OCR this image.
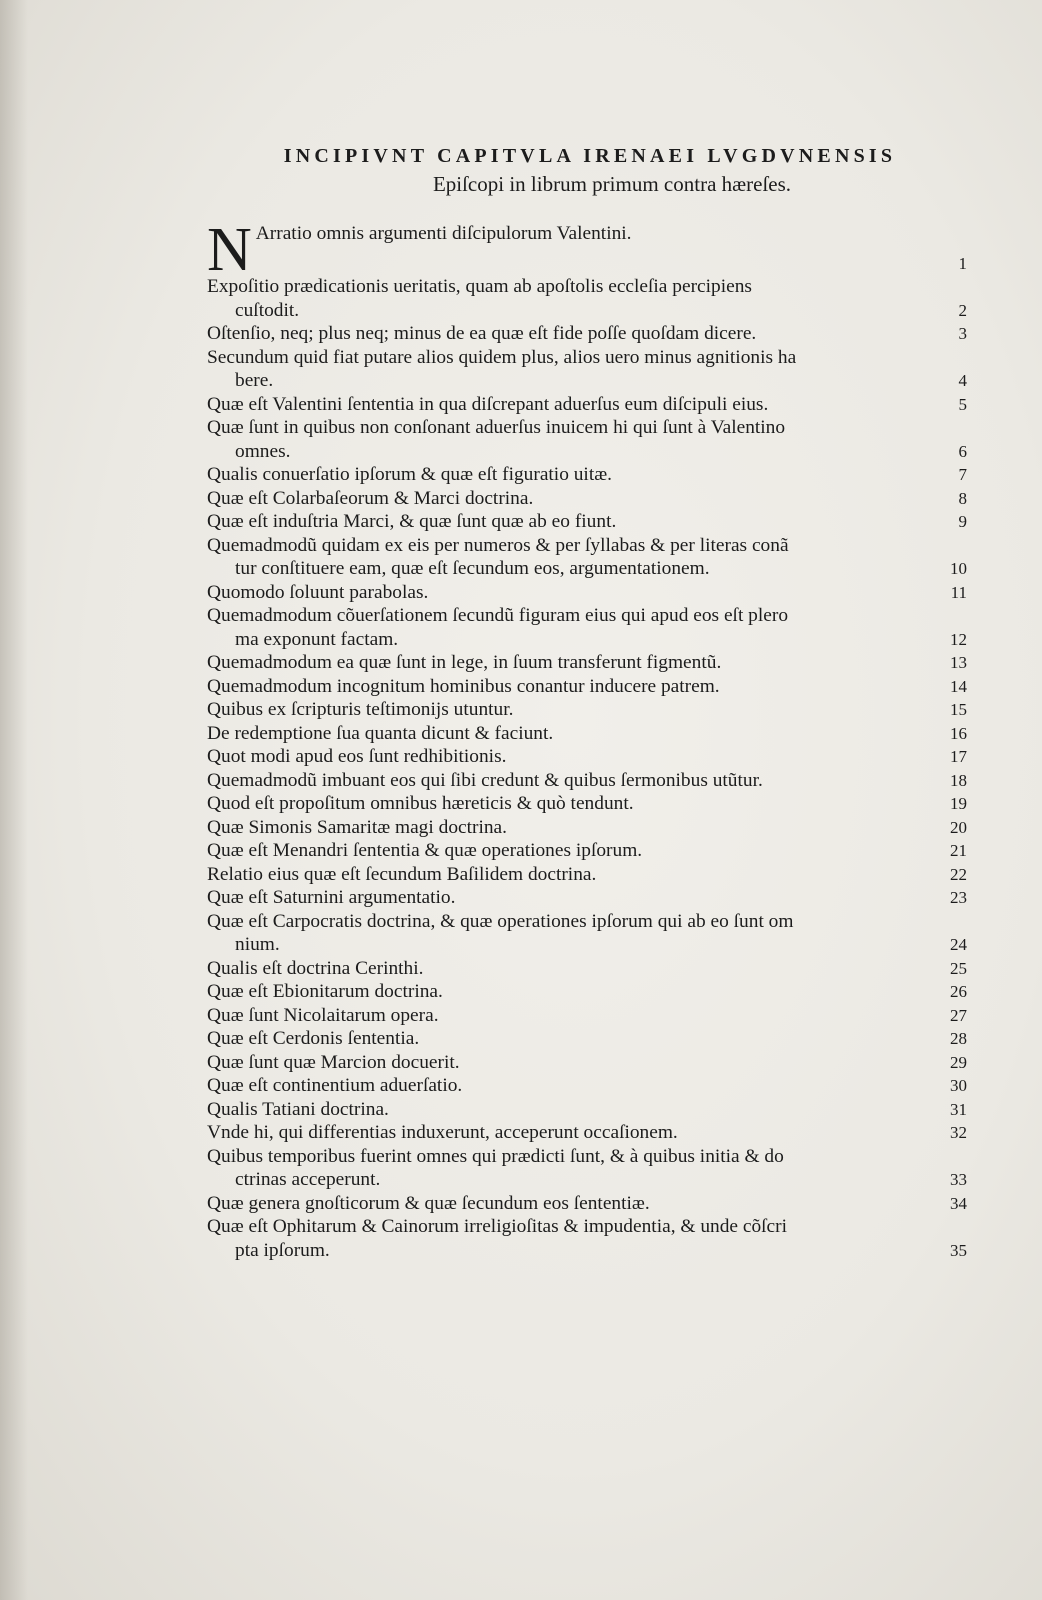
INCIPIVNT CAPITVLA IRENAEI LVGDVNENSIS
Epiſcopi in librum primum contra hæreſes.
N Arratio omnis argumenti diſcipulorum Valentini.
1
Expoſitio prædicationis ueritatis, quam ab apoſtolis eccleſia percipiens
cuſtodit.	2
Oſtenſio, neq; plus neq; minus de ea quæ eſt fide poſſe quoſdam dicere.	3
Secundum quid fiat putare alios quidem plus, alios uero minus agnitionis ha
bere.	4
Quæ eſt Valentini ſententia in qua diſcrepant aduerſus eum diſcipuli eius.	5
Quæ ſunt in quibus non conſonant aduerſus inuicem hi qui ſunt à Valentino
omnes.	6
Qualis conuerſatio ipſorum & quæ eſt figuratio uitæ.	7
Quæ eſt Colarbaſeorum & Marci doctrina.	8
Quæ eſt induſtria Marci, & quæ ſunt quæ ab eo fiunt.	9
Quemadmodũ quidam ex eis per numeros & per ſyllabas & per literas conã
tur conſtituere eam, quæ eſt ſecundum eos, argumentationem.	10
Quomodo ſoluunt parabolas.	11
Quemadmodum cõuerſationem ſecundũ figuram eius qui apud eos eſt plero
ma exponunt factam.	12
Quemadmodum ea quæ ſunt in lege, in ſuum transferunt figmentũ.	13
Quemadmodum incognitum hominibus conantur inducere patrem.	14
Quibus ex ſcripturis teſtimonijs utuntur.	15
De redemptione ſua quanta dicunt & faciunt.	16
Quot modi apud eos ſunt redhibitionis.	17
Quemadmodũ imbuant eos qui ſibi credunt & quibus ſermonibus utũtur.	18
Quod eſt propoſitum omnibus hæreticis & quò tendunt.	19
Quæ Simonis Samaritæ magi doctrina.	20
Quæ eſt Menandri ſententia & quæ operationes ipſorum.	21
Relatio eius quæ eſt ſecundum Baſilidem doctrina.	22
Quæ eſt Saturnini argumentatio.	23
Quæ eſt Carpocratis doctrina, & quæ operationes ipſorum qui ab eo ſunt om
nium.	24
Qualis eſt doctrina Cerinthi.	25
Quæ eſt Ebionitarum doctrina.	26
Quæ ſunt Nicolaitarum opera.	27
Quæ eſt Cerdonis ſententia.	28
Quæ ſunt quæ Marcion docuerit.	29
Quæ eſt continentium aduerſatio.	30
Qualis Tatiani doctrina.	31
Vnde hi, qui differentias induxerunt, acceperunt occaſionem.	32
Quibus temporibus fuerint omnes qui prædicti ſunt, & à quibus initia & do
ctrinas acceperunt.	33
Quæ genera gnoſticorum & quæ ſecundum eos ſententiæ.	34
Quæ eſt Ophitarum & Cainorum irreligioſitas & impudentia, & unde cõſcri
pta ipſorum.	35
